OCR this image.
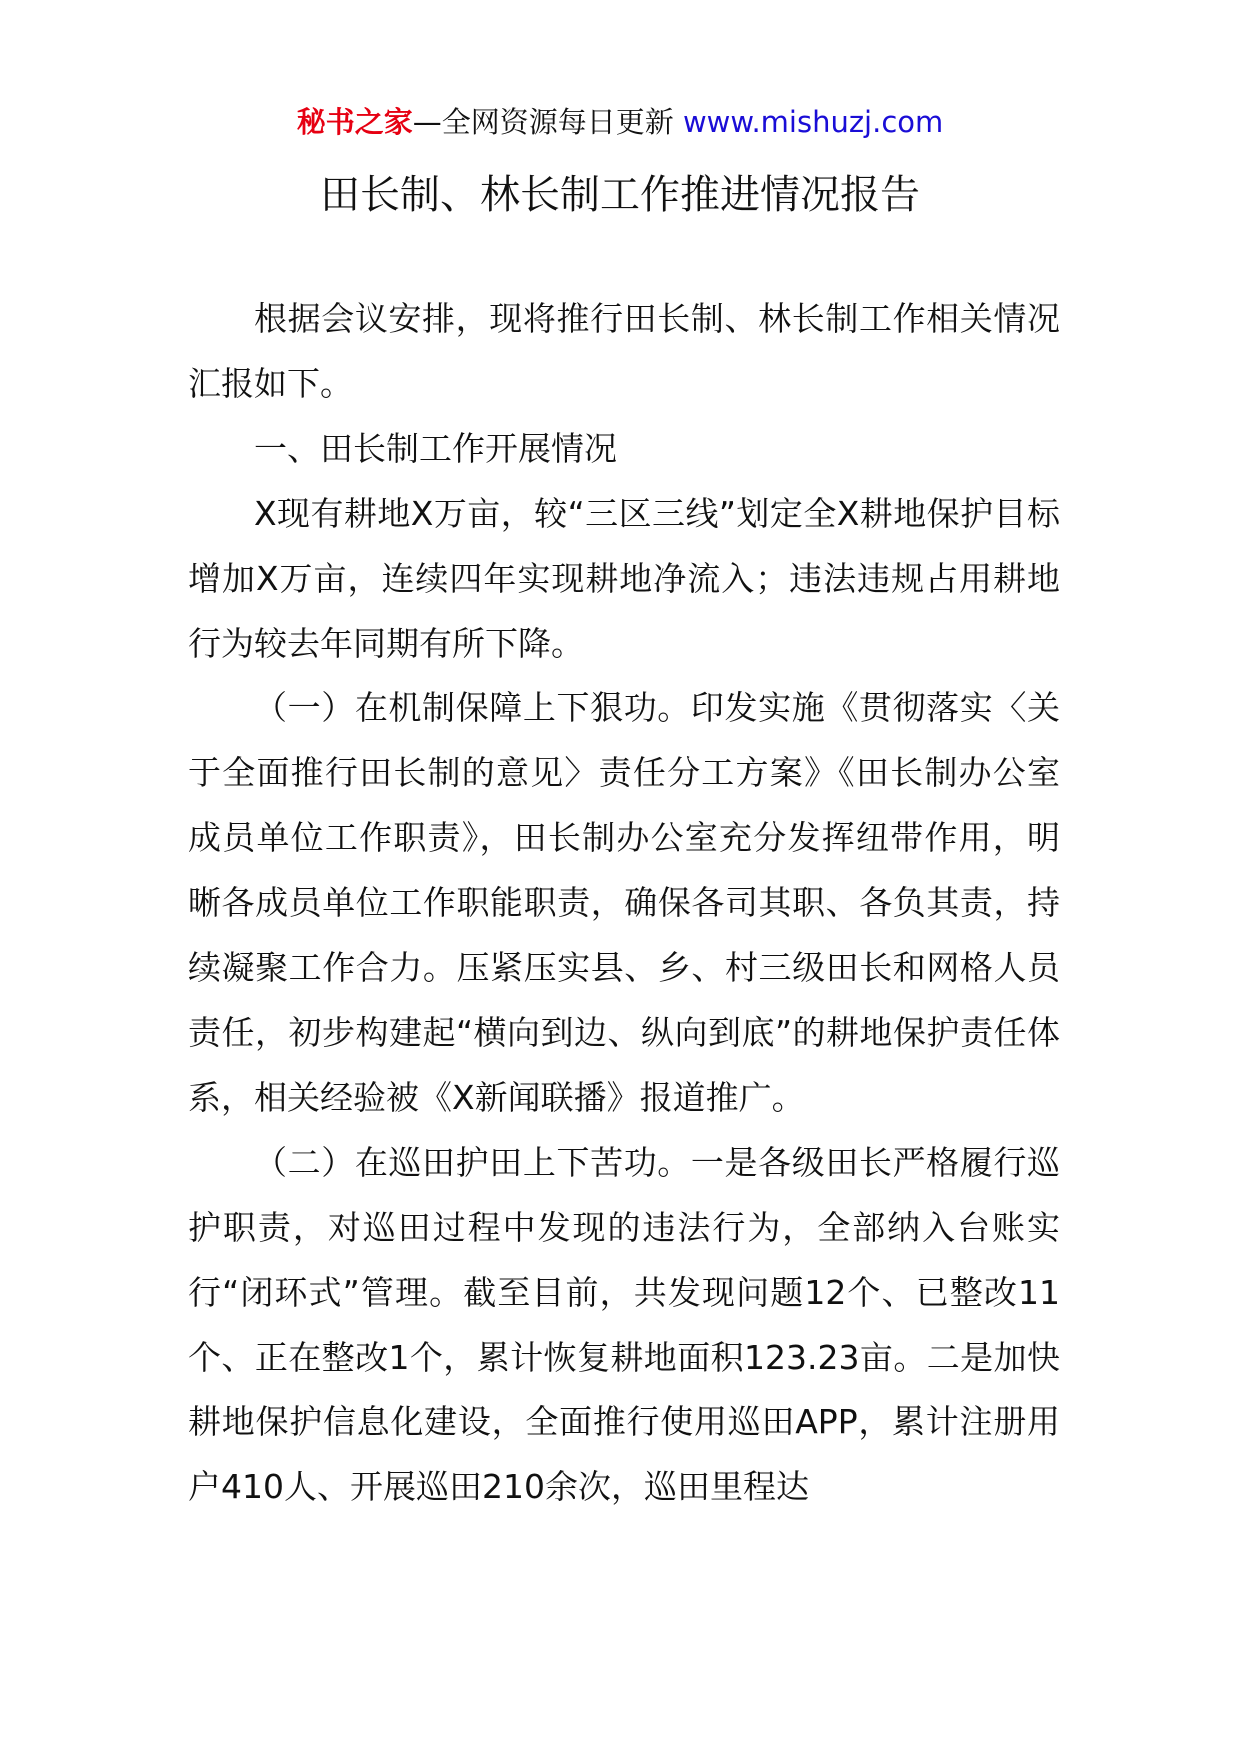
秘书之家—全网资源每日更新 www.mishuzj.com
田长制、林长制工作推进情况报告

根据会议安排，现将推行田长制、林长制工作相关情况汇报如下。

一、田长制工作开展情况

X现有耕地X万亩，较“三区三线”划定全X耕地保护目标增加X万亩，连续四年实现耕地净流入；违法违规占用耕地行为较去年同期有所下降。

（一）在机制保障上下狠功。印发实施《贯彻落实〈关于全面推行田长制的意见〉责任分工方案》《田长制办公室成员单位工作职责》，田长制办公室充分发挥纽带作用，明晰各成员单位工作职能职责，确保各司其职、各负其责，持续凝聚工作合力。压紧压实县、乡、村三级田长和网格人员责任，初步构建起“横向到边、纵向到底”的耕地保护责任体系，相关经验被《X新闻联播》报道推广。

（二）在巡田护田上下苦功。一是各级田长严格履行巡护职责，对巡田过程中发现的违法行为，全部纳入台账实行“闭环式”管理。截至目前，共发现问题12个、已整改11个、正在整改1个，累计恢复耕地面积123.23亩。二是加快耕地保护信息化建设，全面推行使用巡田APP，累计注册用户410人、开展巡田210余次，巡田里程达
